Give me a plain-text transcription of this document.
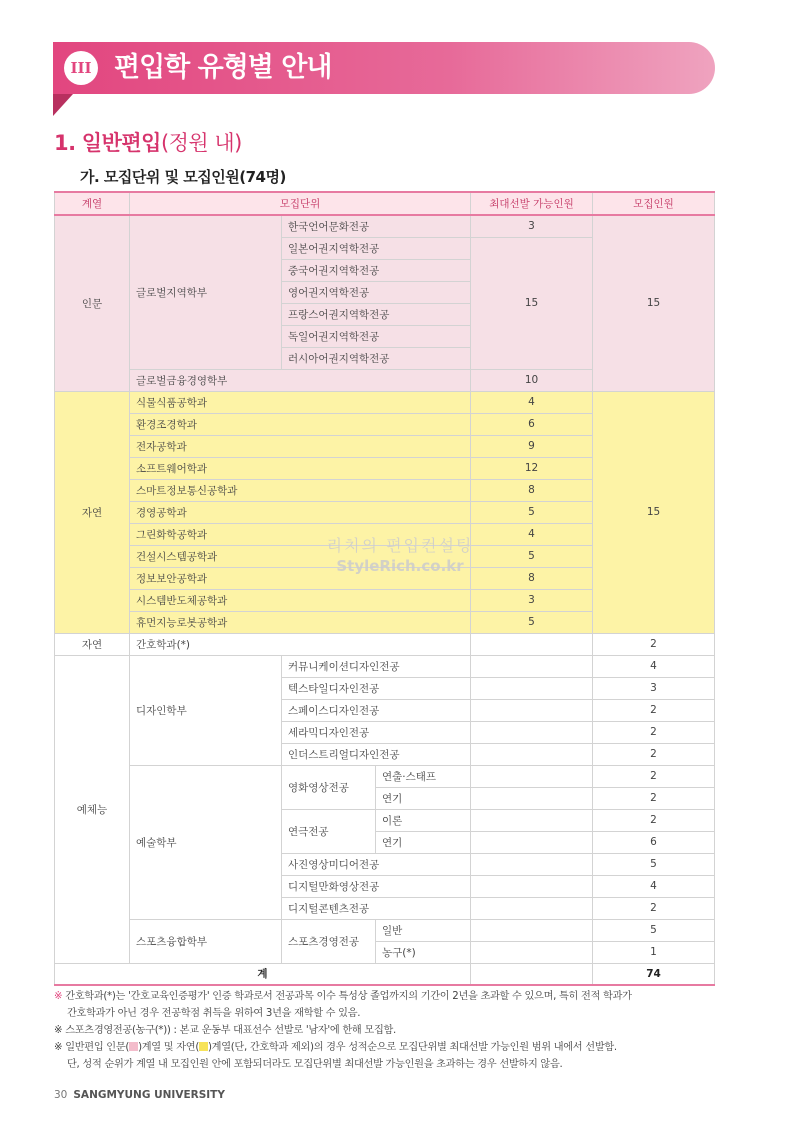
III 편입학 유형별 안내
1. 일반편입(정원 내)
가. 모집단위 및 모집인원(74명)
계열	모집단위			최대선발 가능인원	모집인원
인문	글로벌지역학부	한국언어문화전공		3	15
		일본어권지역학전공		15	
		중국어권지역학전공			
		영어권지역학전공			
		프랑스어권지역학전공			
		독일어권지역학전공			
		러시아어권지역학전공			
	글로벌금융경영학부			10	
자연	식물식품공학과			4	15
	환경조경학과			6	
	전자공학과			9	
	소프트웨어학과			12	
	스마트정보통신공학과			8	
	경영공학과			5	
	그린화학공학과			4	
	건설시스템공학과			5	
	정보보안공학과			8	
	시스템반도체공학과			3	
	휴먼지능로봇공학과			5	
자연	간호학과(*)				2
예체능	디자인학부	커뮤니케이션디자인전공			4
		텍스타일디자인전공			3
		스페이스디자인전공			2
		세라믹디자인전공			2
		인더스트리얼디자인전공			2
	예술학부	영화영상전공	연출·스태프		2
			연기		2
		연극전공	이론		2
			연기		6
		사진영상미디어전공			5
		디지털만화영상전공			4
		디지털콘텐츠전공			2
	스포츠융합학부	스포츠경영전공	일반		5
			농구(*)		1
계					74
리치의 편입컨설팅
StyleRich.co.kr
※ 간호학과(*)는 '간호교육인증평가' 인증 학과로서 전공과목 이수 특성상 졸업까지의 기간이 2년을 초과할 수 있으며, 특히 전적 학과가
간호학과가 아닌 경우 전공학점 취득을 위하여 3년을 재학할 수 있음.
※ 스포츠경영전공(농구(*)) : 본교 운동부 대표선수 선발로 '남자'에 한해 모집함.
※ 일반편입 인문( )계열 및 자연( )계열(단, 간호학과 제외)의 경우 성적순으로 모집단위별 최대선발 가능인원 범위 내에서 선발함.
단, 성적 순위가 계열 내 모집인원 안에 포함되더라도 모집단위별 최대선발 가능인원을 초과하는 경우 선발하지 않음.
30 SANGMYUNG UNIVERSITY
